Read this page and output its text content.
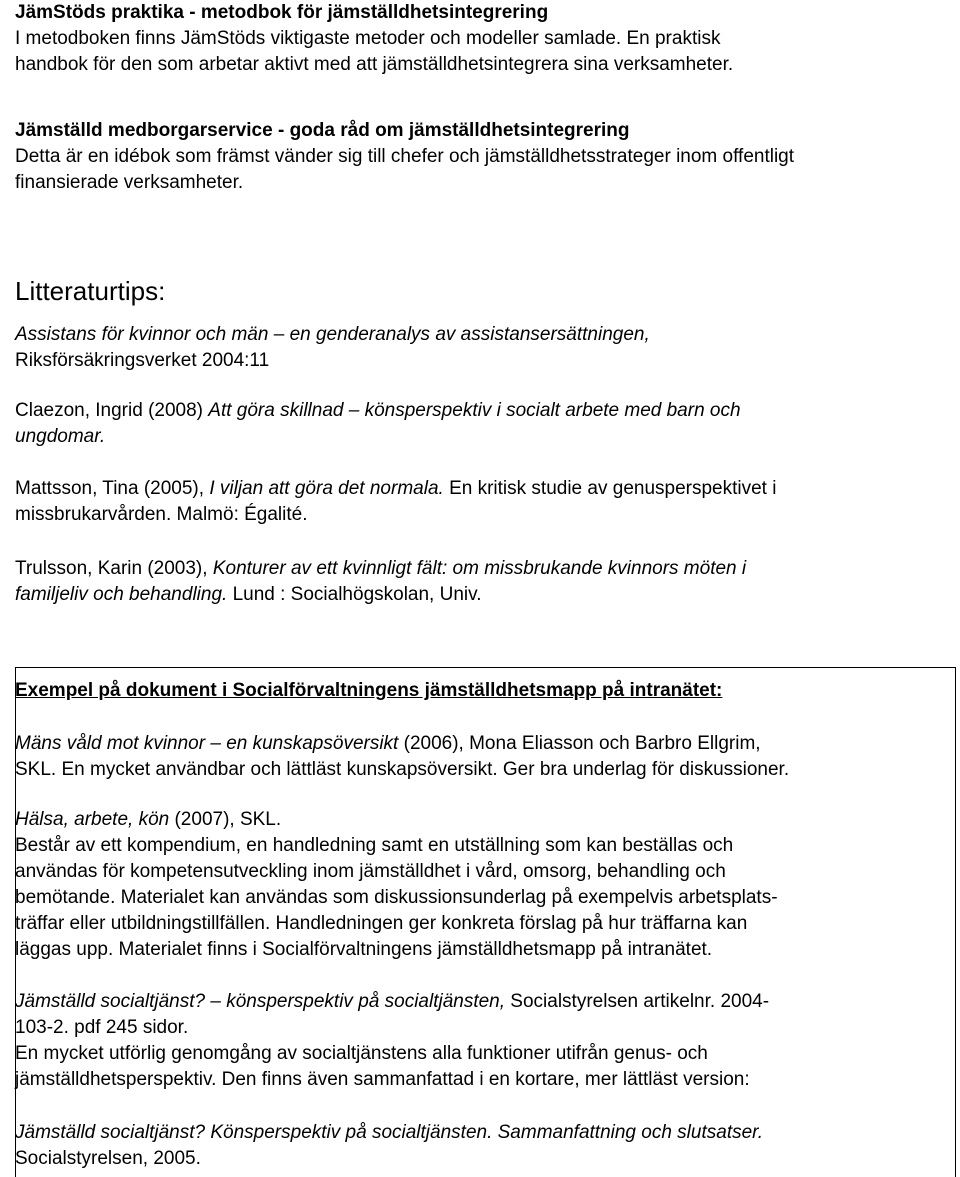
JämStöds praktika - metodbok för jämställdhetsintegrering
I metodboken finns JämStöds viktigaste metoder och modeller samlade. En praktisk
handbok för den som arbetar aktivt med att jämställdhetsintegrera sina verksamheter.
Jämställd medborgarservice - goda råd om jämställdhetsintegrering
Detta är en idébok som främst vänder sig till chefer och jämställdhetsstrateger inom offentligt
finansierade verksamheter.
Litteraturtips:
Assistans för kvinnor och män – en genderanalys av assistansersättningen,
Riksförsäkringsverket 2004:11
Claezon, Ingrid (2008) Att göra skillnad – könsperspektiv i socialt arbete med barn och
ungdomar.
Mattsson, Tina (2005), I viljan att göra det normala. En kritisk studie av genusperspektivet i
missbrukarvården. Malmö: Égalité.
Trulsson, Karin (2003), Konturer av ett kvinnligt fält: om missbrukande kvinnors möten i
familjeliv och behandling. Lund : Socialhögskolan, Univ.
Exempel på dokument i Socialförvaltningens jämställdhetsmapp på intranätet:
Mäns våld mot kvinnor – en kunskapsöversikt (2006), Mona Eliasson och Barbro Ellgrim,
SKL. En mycket användbar och lättläst kunskapsöversikt. Ger bra underlag för diskussioner.
Hälsa, arbete, kön (2007), SKL.
Består av ett kompendium, en handledning samt en utställning som kan beställas och
användas för kompetensutveckling inom jämställdhet i vård, omsorg, behandling och
bemötande. Materialet kan användas som diskussionsunderlag på exempelvis arbetsplats-
träffar eller utbildningstillfällen. Handledningen ger konkreta förslag på hur träffarna kan
läggas upp. Materialet finns i Socialförvaltningens jämställdhetsmapp på intranätet.
Jämställd socialtjänst? – könsperspektiv på socialtjänsten, Socialstyrelsen artikelnr. 2004-
103-2. pdf 245 sidor.
En mycket utförlig genomgång av socialtjänstens alla funktioner utifrån genus- och
jämställdhetsperspektiv. Den finns även sammanfattad i en kortare, mer lättläst version:
Jämställd socialtjänst? Könsperspektiv på socialtjänsten. Sammanfattning och slutsatser.
Socialstyrelsen, 2005.
